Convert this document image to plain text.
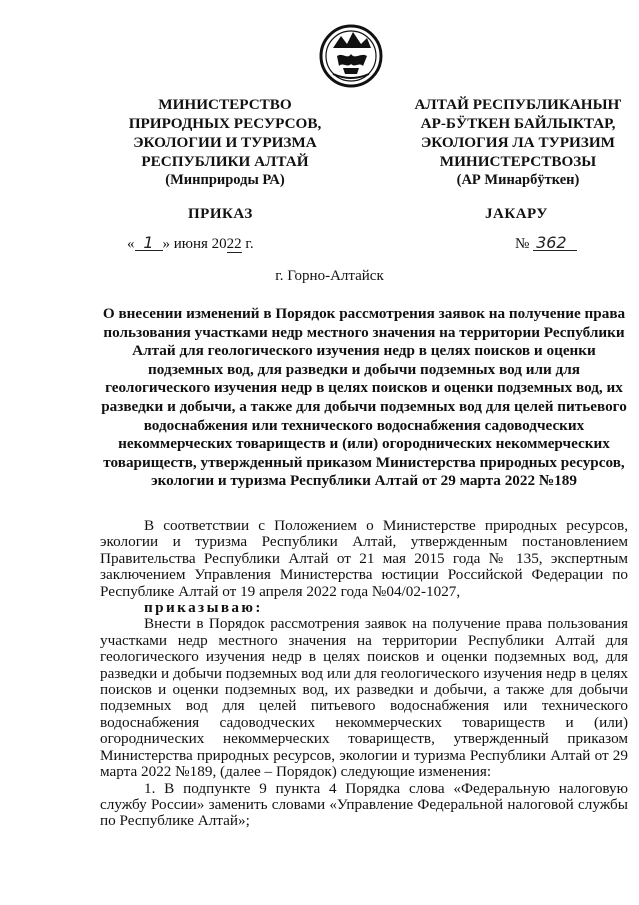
МИНИСТЕРСТВО
ПРИРОДНЫХ РЕСУРСОВ,
ЭКОЛОГИИ И ТУРИЗМА
РЕСПУБЛИКИ АЛТАЙ
(Минприроды РА)
АЛТАЙ РЕСПУБЛИКАНЫҤ
АР-БӰТКЕН БАЙЛЫКТАР,
ЭКОЛОГИЯ ЛА ТУРИЗИМ
МИНИСТЕРСТВОЗЫ
(АР Минарбӱткен)
ПРИКАЗ	JАКАРУ
« 1 » июня 2022 г.	№ 362
г. Горно-Алтайск
О внесении изменений в Порядок рассмотрения заявок на получение права пользования участками недр местного значения на территории Республики Алтай для геологического изучения недр в целях поисков и оценки подземных вод, для разведки и добычи подземных вод или для геологического изучения недр в целях поисков и оценки подземных вод, их разведки и добычи, а также для добычи подземных вод для целей питьевого водоснабжения или технического водоснабжения садоводческих некоммерческих товариществ и (или) огороднических некоммерческих товариществ, утвержденный приказом Министерства природных ресурсов, экологии и туризма Республики Алтай от 29 марта 2022 №189

В соответствии с Положением о Министерстве природных ресурсов, экологии и туризма Республики Алтай, утвержденным постановлением Правительства Республики Алтай от 21 мая 2015 года № 135, экспертным заключением Управления Министерства юстиции Российской Федерации по Республике Алтай от 19 апреля 2022 года №04/02-1027,

приказываю:

Внести в Порядок рассмотрения заявок на получение права пользования участками недр местного значения на территории Республики Алтай для геологического изучения недр в целях поисков и оценки подземных вод, для разведки и добычи подземных вод или для геологического изучения недр в целях поисков и оценки подземных вод, их разведки и добычи, а также для добычи подземных вод для целей питьевого водоснабжения или технического водоснабжения садоводческих некоммерческих товариществ и (или) огороднических некоммерческих товариществ, утвержденный приказом Министерства природных ресурсов, экологии и туризма Республики Алтай от 29 марта 2022 №189, (далее – Порядок) следующие изменения:

1. В подпункте 9 пункта 4 Порядка слова «Федеральную налоговую службу России» заменить словами «Управление Федеральной налоговой службы по Республике Алтай»;
